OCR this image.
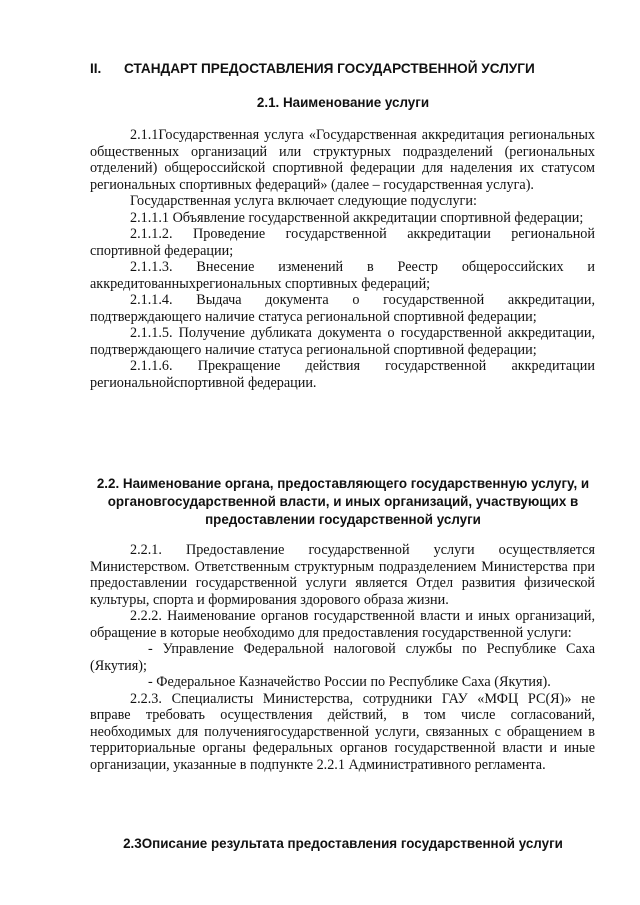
II.	СТАНДАРТ ПРЕДОСТАВЛЕНИЯ ГОСУДАРСТВЕННОЙ УСЛУГИ
2.1. Наименование услуги

2.1.1Государственная услуга «Государственная аккредитация региональных общественных организаций или структурных подразделений (региональных отделений) общероссийской спортивной федерации для наделения их статусом региональных спортивных федераций» (далее – государственная услуга).

Государственная услуга включает следующие подуслуги:

2.1.1.1 Объявление государственной аккредитации спортивной федерации;

2.1.1.2. Проведение государственной аккредитации региональной спортивной федерации;

2.1.1.3. Внесение изменений в Реестр общероссийских и аккредитованныхрегиональных спортивных федераций;

2.1.1.4. Выдача документа о государственной аккредитации, подтверждающего наличие статуса региональной спортивной федерации;

2.1.1.5. Получение дубликата документа о государственной аккредитации, подтверждающего наличие статуса региональной спортивной федерации;

2.1.1.6. Прекращение действия государственной аккредитации региональнойспортивной федерации.

2.2. Наименование органа, предоставляющего государственную услугу, и органовгосударственной власти, и иных организаций, участвующих в предоставлении государственной услуги

2.2.1. Предоставление государственной услуги осуществляется Министерством. Ответственным структурным подразделением Министерства при предоставлении государственной услуги является Отдел развития физической культуры, спорта и формирования здорового образа жизни.

2.2.2. Наименование органов государственной власти и иных организаций, обращение в которые необходимо для предоставления государственной услуги:

- Управление Федеральной налоговой службы по Республике Саха (Якутия);

- Федеральное Казначейство России по Республике Саха (Якутия).

2.2.3. Специалисты Министерства, сотрудники ГАУ «МФЦ РС(Я)» не вправе требовать осуществления действий, в том числе согласований, необходимых для получениягосударственной услуги, связанных с обращением в территориальные органы федеральных органов государственной власти и иные организации, указанные в подпункте 2.2.1 Административного регламента.

2.3Описание результата предоставления государственной услуги
